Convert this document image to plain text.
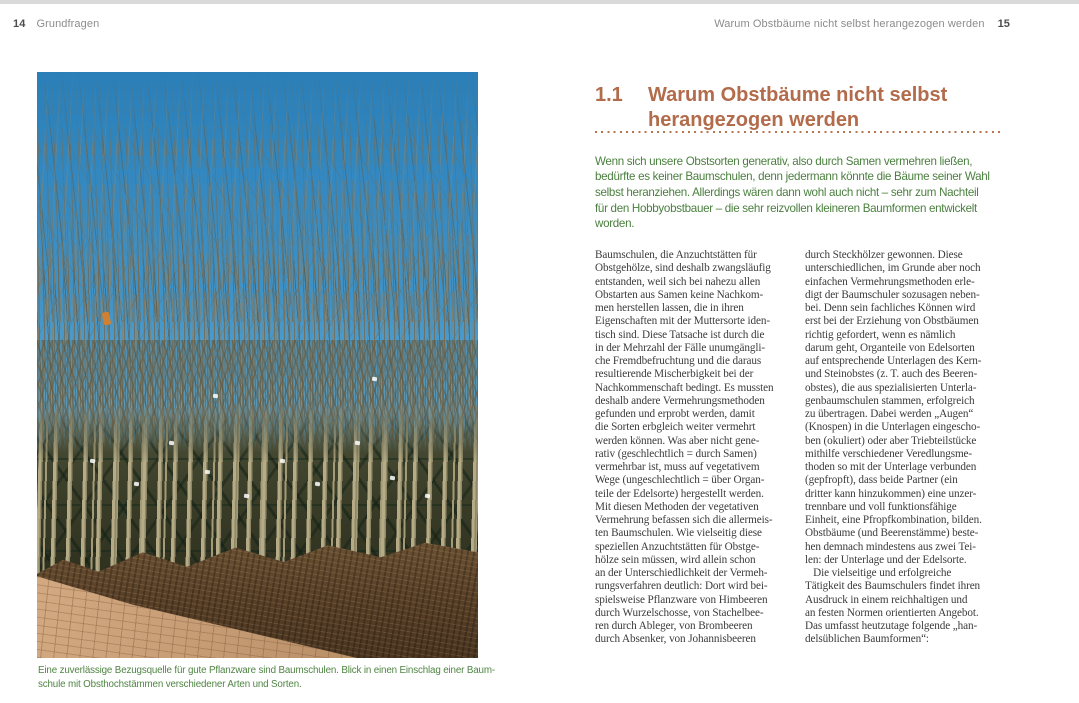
14 Grundfragen	Warum Obstbäume nicht selbst herangezogen werden 15
Eine zuverlässige Bezugsquelle für gute Pflanzware sind Baumschulen. Blick in einen Einschlag einer Baum-
schule mit Obsthochstämmen verschiedener Arten und Sorten.
1.1	Warum Obstbäume nicht selbst
herangezogen werden

Wenn sich unsere Obstsorten generativ, also durch Samen vermehren ließen,
bedürfte es keiner Baumschulen, denn jedermann könnte die Bäume seiner Wahl
selbst heranziehen. Allerdings wären dann wohl auch nicht – sehr zum Nachteil
für den Hobbyobstbauer – die sehr reizvollen kleineren Baumformen entwickelt
worden.

Baumschulen, die Anzuchtstätten für
Obstgehölze, sind deshalb zwangsläufig
entstanden, weil sich bei nahezu allen
Obstarten aus Samen keine Nachkom-
men herstellen lassen, die in ihren
Eigenschaften mit der Muttersorte iden-
tisch sind. Diese Tatsache ist durch die
in der Mehrzahl der Fälle unumgängli-
che Fremdbefruchtung und die daraus
resultierende Mischerbigkeit bei der
Nachkommenschaft bedingt. Es mussten
deshalb andere Vermehrungsmethoden
gefunden und erprobt werden, damit
die Sorten erbgleich weiter vermehrt
werden können. Was aber nicht gene-
rativ (geschlechtlich = durch Samen)
vermehrbar ist, muss auf vegetativem
Wege (ungeschlechtlich = über Organ-
teile der Edelsorte) hergestellt werden.
Mit diesen Methoden der vegetativen
Vermehrung befassen sich die allermeis-
ten Baumschulen. Wie vielseitig diese
speziellen Anzuchtstätten für Obstge-
hölze sein müssen, wird allein schon
an der Unterschiedlichkeit der Vermeh-
rungsverfahren deutlich: Dort wird bei-
spielsweise Pflanzware von Himbeeren
durch Wurzelschosse, von Stachelbee-
ren durch Ableger, von Brombeeren
durch Absenker, von Johannisbeeren
durch Steckhölzer gewonnen. Diese
unterschiedlichen, im Grunde aber noch
einfachen Vermehrungsmethoden erle-
digt der Baumschuler sozusagen neben-
bei. Denn sein fachliches Können wird
erst bei der Erziehung von Obstbäumen
richtig gefordert, wenn es nämlich
darum geht, Organteile von Edelsorten
auf entsprechende Unterlagen des Kern-
und Steinobstes (z. T. auch des Beeren-
obstes), die aus spezialisierten Unterla-
genbaumschulen stammen, erfolgreich
zu übertragen. Dabei werden „Augen“
(Knospen) in die Unterlagen eingescho-
ben (okuliert) oder aber Triebteilstücke
mithilfe verschiedener Veredlungsme-
thoden so mit der Unterlage verbunden
(gepfropft), dass beide Partner (ein
dritter kann hinzukommen) eine unzer-
trennbare und voll funktionsfähige
Einheit, eine Pfropfkombination, bilden.
Obstbäume (und Beerenstämme) beste-
hen demnach mindestens aus zwei Tei-
len: der Unterlage und der Edelsorte.
Die vielseitige und erfolgreiche
Tätigkeit des Baumschulers findet ihren
Ausdruck in einem reichhaltigen und
an festen Normen orientierten Angebot.
Das umfasst heutzutage folgende „han-
delsüblichen Baumformen“:
